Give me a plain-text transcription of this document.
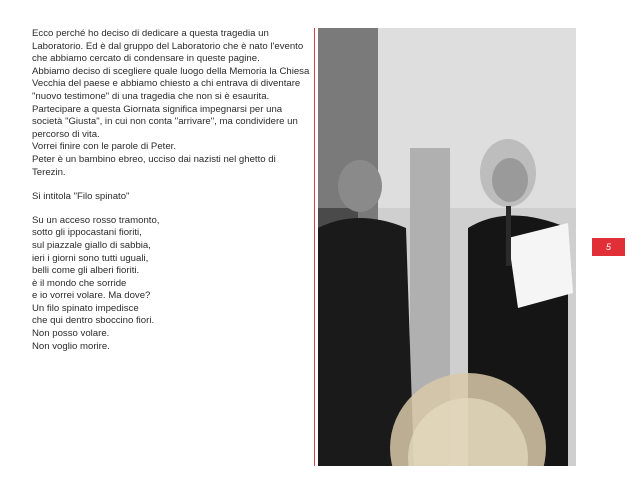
Ecco perché ho deciso di dedicare a questa tragedia un Laboratorio. Ed è dal gruppo del Laboratorio che è nato l'evento che abbiamo cercato di condensare in queste pagine.

Abbiamo deciso di scegliere quale luogo della Memoria la Chiesa Vecchia del paese e abbiamo chiesto a chi entrava di diventare "nuovo testimone" di una tragedia che non si è esaurita.

Partecipare a questa Giornata significa impegnarsi per una società "Giusta", in cui non conta "arrivare", ma condividere un percorso di vita.

Vorrei finire con le parole di Peter.

Peter è un bambino ebreo, ucciso dai nazisti nel ghetto di Terezin.

Si intitola "Filo spinato"

Su un acceso rosso tramonto,

sotto gli ippocastani fioriti,

sul piazzale giallo di sabbia,

ieri i giorni sono tutti uguali,

belli come gli alberi fioriti.

è il mondo che sorride

e io vorrei volare. Ma dove?

Un filo spinato impedisce

che qui dentro sboccino fiori.

Non posso volare.

Non voglio morire.

5
